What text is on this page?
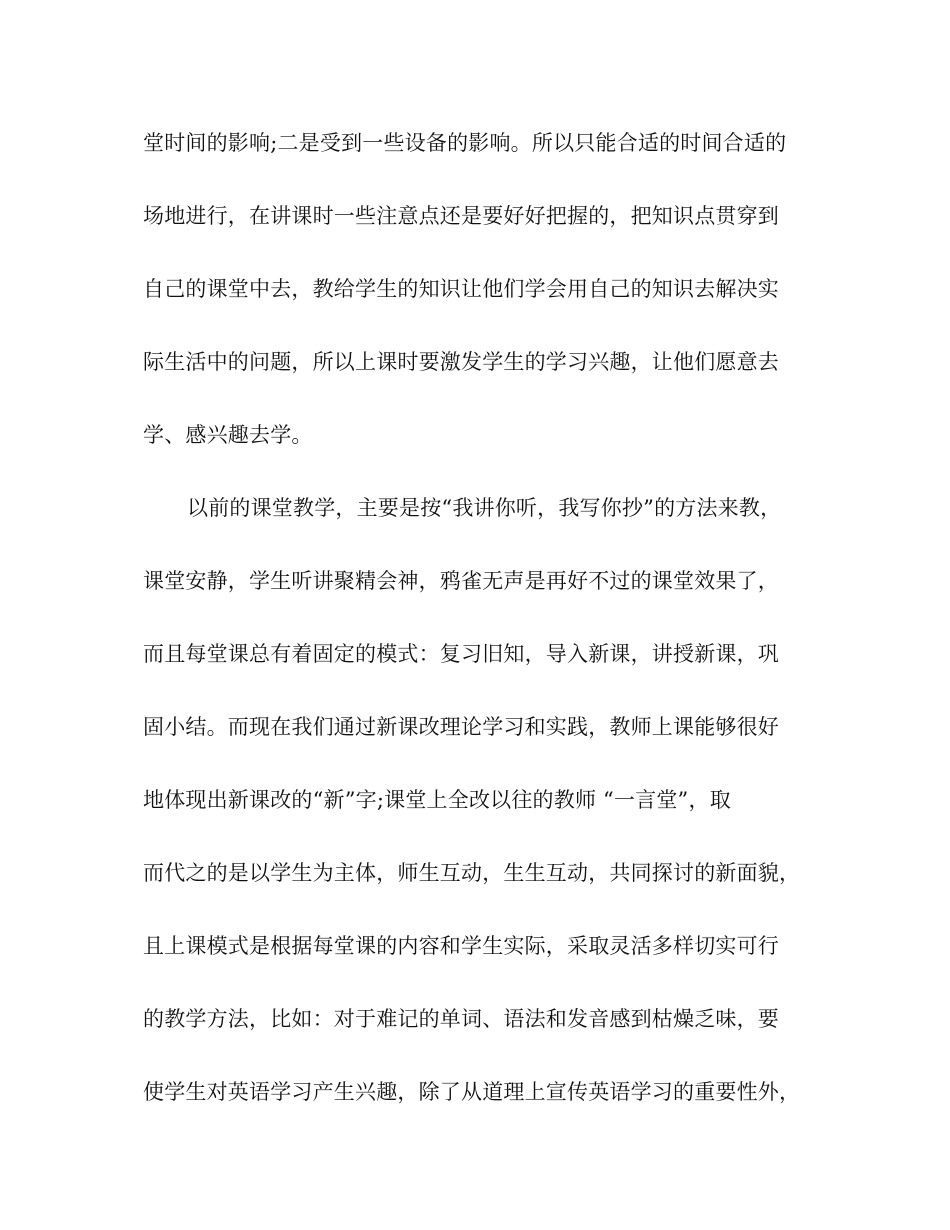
堂时间的影响;二是受到一些设备的影响。所以只能合适的时间合适的
场地进行，在讲课时一些注意点还是要好好把握的，把知识点贯穿到
自己的课堂中去，教给学生的知识让他们学会用自己的知识去解决实
际生活中的问题，所以上课时要激发学生的学习兴趣，让他们愿意去
学、感兴趣去学。
以前的课堂教学，主要是按“我讲你听，我写你抄”的方法来教，
课堂安静，学生听讲聚精会神，鸦雀无声是再好不过的课堂效果了，
而且每堂课总有着固定的模式：复习旧知，导入新课，讲授新课，巩
固小结。而现在我们通过新课改理论学习和实践，教师上课能够很好
地体现出新课改的“新”字;课堂上全改以往的教师 “一言堂”，取
而代之的是以学生为主体，师生互动，生生互动，共同探讨的新面貌，
且上课模式是根据每堂课的内容和学生实际，采取灵活多样切实可行
的教学方法，比如：对于难记的单词、语法和发音感到枯燥乏味，要
使学生对英语学习产生兴趣，除了从道理上宣传英语学习的重要性外，
